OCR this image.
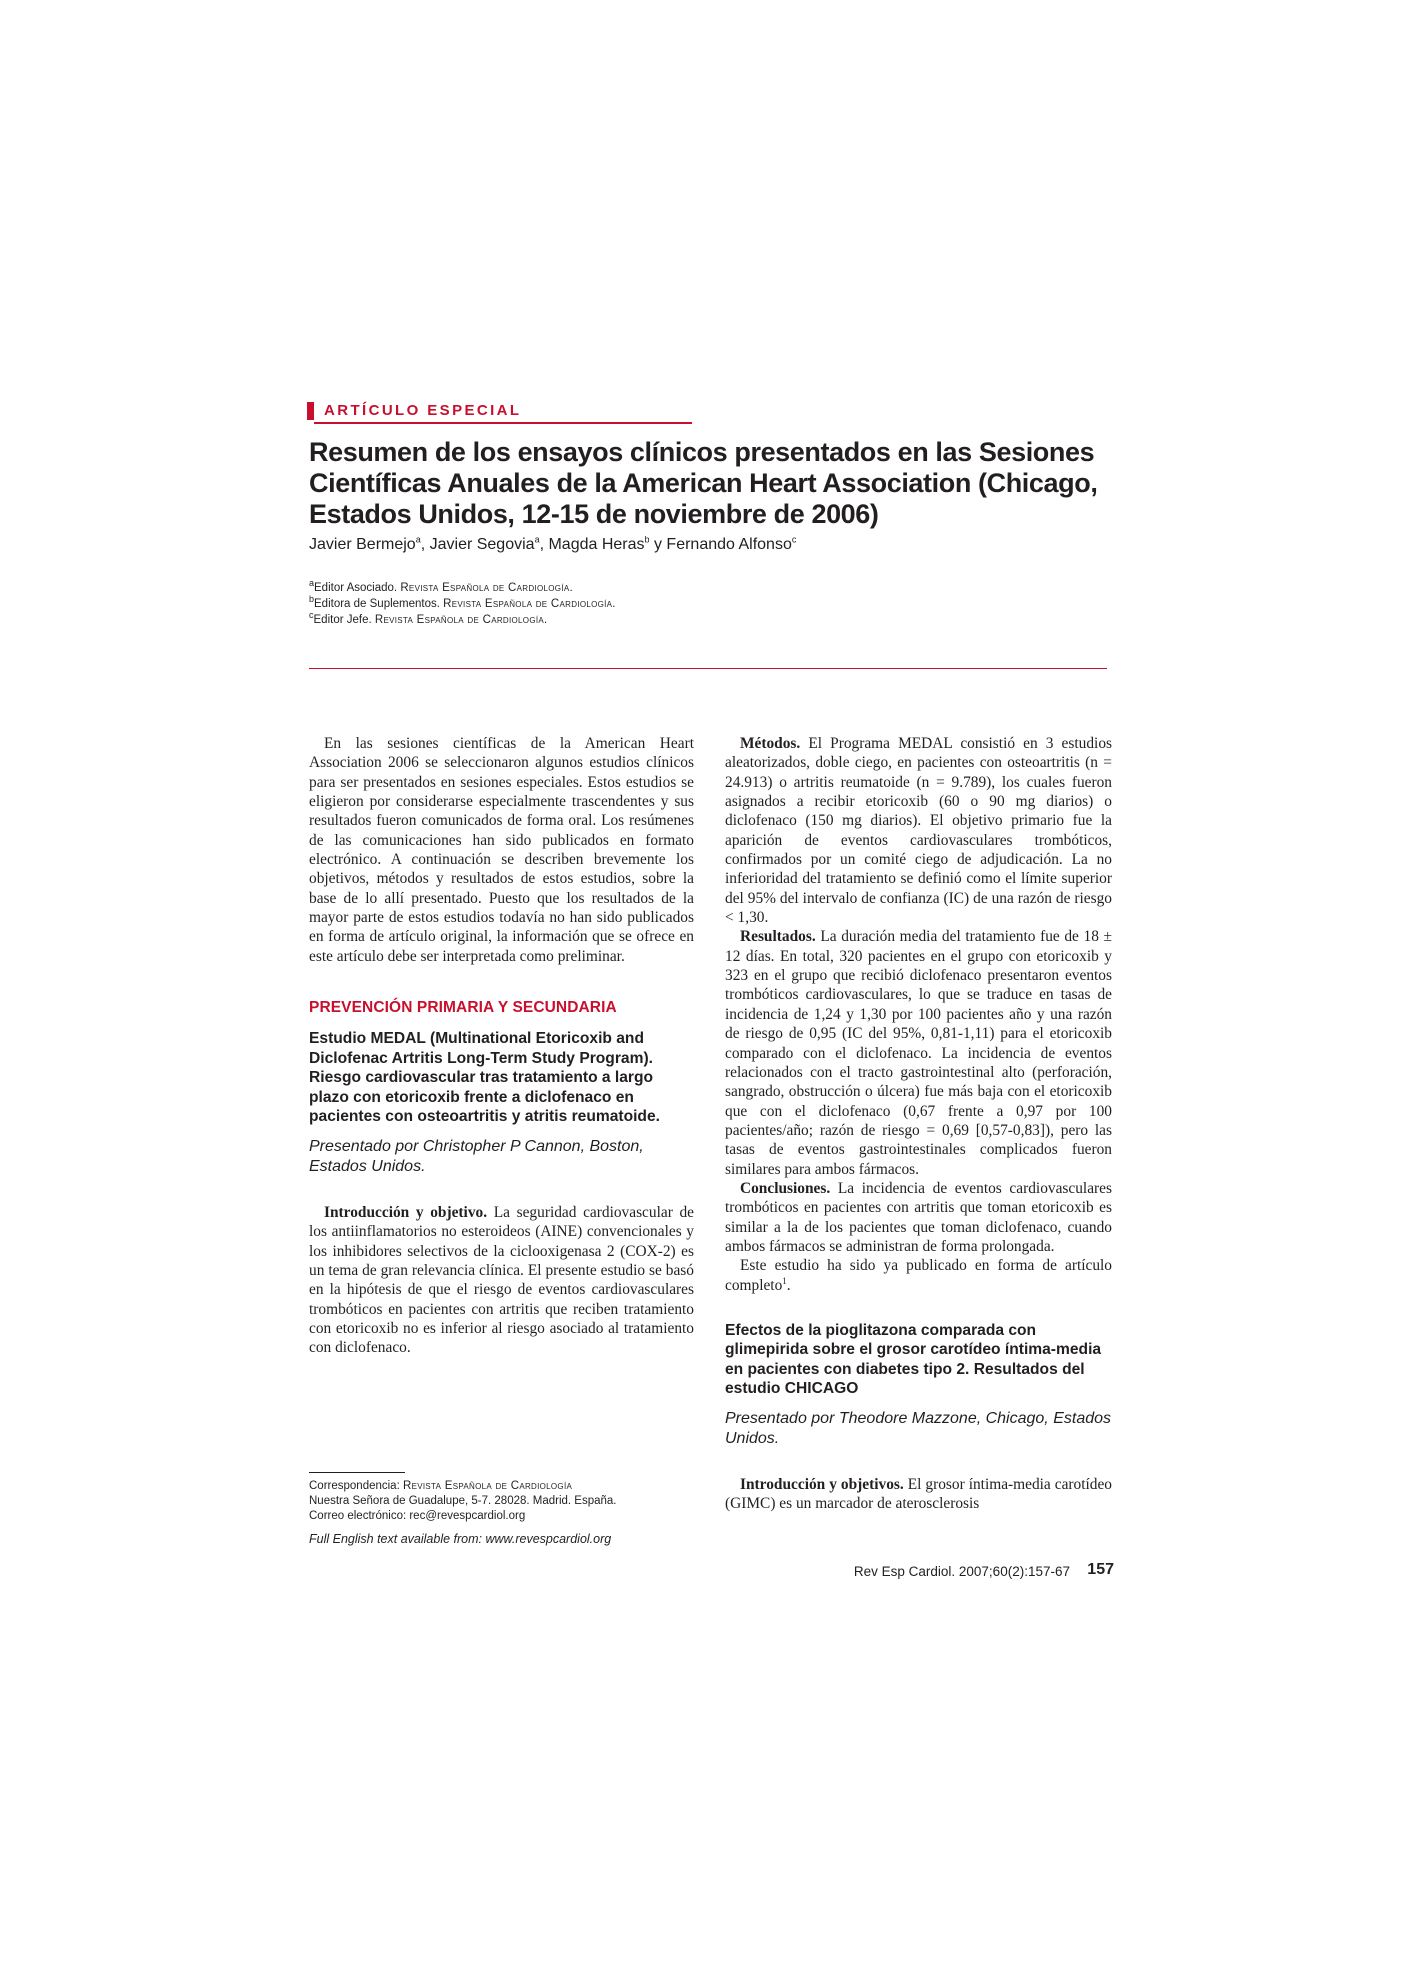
ARTÍCULO ESPECIAL
Resumen de los ensayos clínicos presentados en las Sesiones Científicas Anuales de la American Heart Association (Chicago, Estados Unidos, 12-15 de noviembre de 2006)
Javier Bermejo$^a$, Javier Segovia$^a$, Magda Heras$^b$ y Fernando Alfonso$^c$
$^a$Editor Asociado. Revista Española de Cardiología.
$^b$Editora de Suplementos. Revista Española de Cardiología.
$^c$Editor Jefe. Revista Española de Cardiología.

En las sesiones científicas de la American Heart Association 2006 se seleccionaron algunos estudios clínicos para ser presentados en sesiones especiales. Estos estudios se eligieron por considerarse especialmente trascendentes y sus resultados fueron comunicados de forma oral. Los resúmenes de las comunicaciones han sido publicados en formato electrónico. A continuación se describen brevemente los objetivos, métodos y resultados de estos estudios, sobre la base de lo allí presentado. Puesto que los resultados de la mayor parte de estos estudios todavía no han sido publicados en forma de artículo original, la información que se ofrece en este artículo debe ser interpretada como preliminar.

PREVENCIÓN PRIMARIA Y SECUNDARIA

Estudio MEDAL (Multinational Etoricoxib and Diclofenac Artritis Long-Term Study Program). Riesgo cardiovascular tras tratamiento a largo plazo con etoricoxib frente a diclofenaco en pacientes con osteoartritis y atritis reumatoide.

Presentado por Christopher P Cannon, Boston, Estados Unidos.

Introducción y objetivo. La seguridad cardiovascular de los antiinflamatorios no esteroideos (AINE) convencionales y los inhibidores selectivos de la ciclooxigenasa 2 (COX-2) es un tema de gran relevancia clínica. El presente estudio se basó en la hipótesis de que el riesgo de eventos cardiovasculares trombóticos en pacientes con artritis que reciben tratamiento con etoricoxib no es inferior al riesgo asociado al tratamiento con diclofenaco.

Métodos. El Programa MEDAL consistió en 3 estudios aleatorizados, doble ciego, en pacientes con osteoartritis (n = 24.913) o artritis reumatoide (n = 9.789), los cuales fueron asignados a recibir etoricoxib (60 o 90 mg diarios) o diclofenaco (150 mg diarios). El objetivo primario fue la aparición de eventos cardiovasculares trombóticos, confirmados por un comité ciego de adjudicación. La no inferioridad del tratamiento se definió como el límite superior del 95% del intervalo de confianza (IC) de una razón de riesgo < 1,30.

Resultados. La duración media del tratamiento fue de 18 ± 12 días. En total, 320 pacientes en el grupo con etoricoxib y 323 en el grupo que recibió diclofenaco presentaron eventos trombóticos cardiovasculares, lo que se traduce en tasas de incidencia de 1,24 y 1,30 por 100 pacientes año y una razón de riesgo de 0,95 (IC del 95%, 0,81-1,11) para el etoricoxib comparado con el diclofenaco. La incidencia de eventos relacionados con el tracto gastrointestinal alto (perforación, sangrado, obstrucción o úlcera) fue más baja con el etoricoxib que con el diclofenaco (0,67 frente a 0,97 por 100 pacientes/año; razón de riesgo = 0,69 [0,57-0,83]), pero las tasas de eventos gastrointestinales complicados fueron similares para ambos fármacos.

Conclusiones. La incidencia de eventos cardiovasculares trombóticos en pacientes con artritis que toman etoricoxib es similar a la de los pacientes que toman diclofenaco, cuando ambos fármacos se administran de forma prolongada.

Este estudio ha sido ya publicado en forma de artículo completo$^1$.

Efectos de la pioglitazona comparada con glimepirida sobre el grosor carotídeo íntima-media en pacientes con diabetes tipo 2. Resultados del estudio CHICAGO

Presentado por Theodore Mazzone, Chicago, Estados Unidos.

Introducción y objetivos. El grosor íntima-media carotídeo (GIMC) es un marcador de aterosclerosis

Correspondencia: Revista Española de Cardiología
Nuestra Señora de Guadalupe, 5-7. 28028. Madrid. España.
Correo electrónico: rec@revespcardiol.org
Full English text available from: www.revespcardiol.org
Rev Esp Cardiol. 2007;60(2):157-67	157
